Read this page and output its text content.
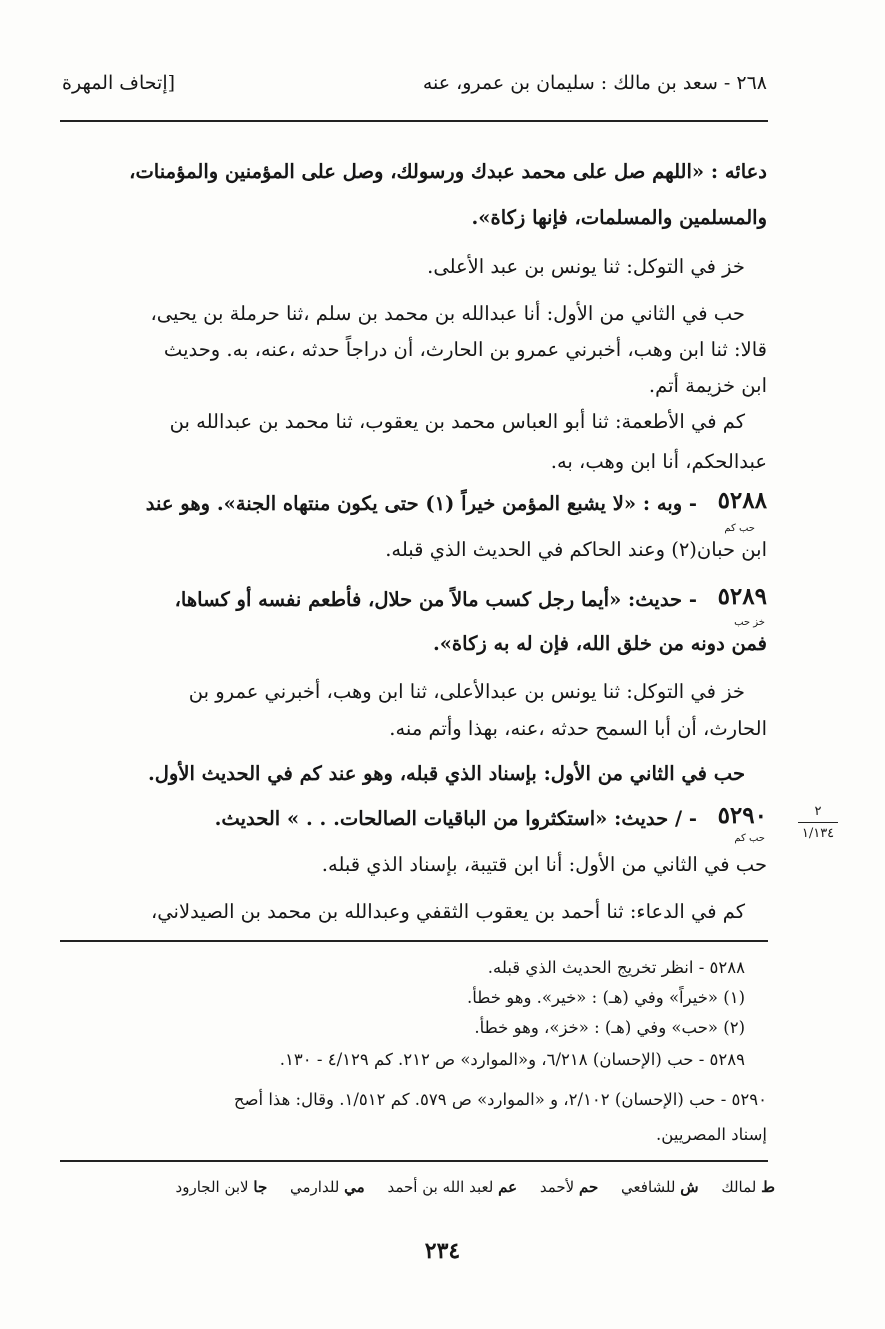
٢٦٨ - سعد بن مالك : سليمان بن عمرو، عنه
[إتحاف المهرة
دعائه : «اللهم صل على محمد عبدك ورسولك، وصل على المؤمنين والمؤمنات،
والمسلمين والمسلمات، فإنها زكاة».
خز في التوكل: ثنا يونس بن عبد الأعلى.
حب في الثاني من الأول: أنا عبدالله بن محمد بن سلم ،ثنا حرملة بن يحيى،
قالا: ثنا ابن وهب، أخبرني عمرو بن الحارث، أن دراجاً حدثه ،عنه، به. وحديث
ابن خزيمة أتم.
كم في الأطعمة: ثنا أبو العباس محمد بن يعقوب، ثنا محمد بن عبدالله بن
عبدالحكم، أنا ابن وهب، به.
٥٢٨٨
- وبه : «لا يشبع المؤمن خيراً (١) حتى يكون منتهاه الجنة». وهو عند
حب كم
ابن حبان(٢) وعند الحاكم في الحديث الذي قبله.
٥٢٨٩
- حديث: «أيما رجل كسب مالاً من حلال، فأطعم نفسه أو كساها،
خز حب
فمن دونه من خلق الله، فإن له به زكاة».
خز في التوكل: ثنا يونس بن عبدالأعلى، ثنا ابن وهب، أخبرني عمرو بن
الحارث، أن أبا السمح حدثه ،عنه، بهذا وأتم منه.
حب في الثاني من الأول: بإسناد الذي قبله، وهو عند كم في الحديث الأول.
٥٢٩٠
- / حديث: «استكثروا من الباقيات الصالحات. . . » الحديث.
حب كم
حب في الثاني من الأول: أنا ابن قتيبة، بإسناد الذي قبله.
كم في الدعاء: ثنا أحمد بن يعقوب الثقفي وعبدالله بن محمد بن الصيدلاني،
٢
١/١٣٤
٥٢٨٨ - انظر تخريج الحديث الذي قبله.
(١) «خيراً» وفي (هـ) : «خير». وهو خطأ.
(٢) «حب» وفي (هـ) : «خز»، وهو خطأ.
٥٢٨٩ - حب (الإحسان) ٦/٢١٨، و«الموارد» ص ٢١٢. كم ٤/١٢٩ - ١٣٠.
٥٢٩٠ - حب (الإحسان) ٢/١٠٢، و «الموارد» ص ٥٧٩. كم ١/٥١٢. وقال: هذا أصح
إسناد المصريين.
ط لمالك ش للشافعي حم لأحمد عم لعبد الله بن أحمد مي للدارمي جا لابن الجارود
٢٣٤
